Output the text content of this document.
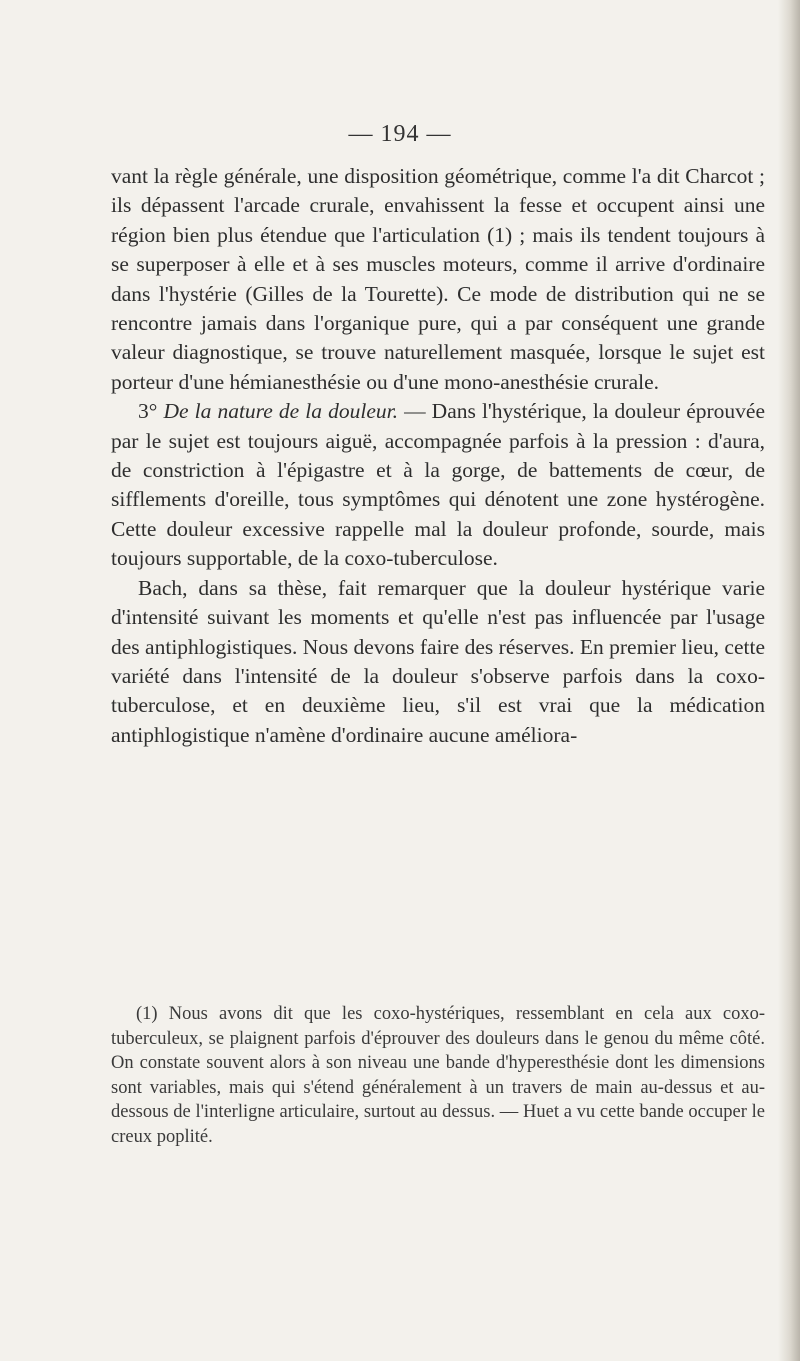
— 194 —

vant la règle générale, une disposition géométrique, comme l'a dit Charcot ; ils dépassent l'arcade crurale, envahissent la fesse et occupent ainsi une région bien plus étendue que l'articulation (1) ; mais ils tendent toujours à se superposer à elle et à ses muscles moteurs, comme il arrive d'ordinaire dans l'hystérie (Gilles de la Tourette). Ce mode de distribution qui ne se rencontre jamais dans l'organique pure, qui a par conséquent une grande valeur diagnostique, se trouve naturellement masquée, lorsque le sujet est porteur d'une hémianesthésie ou d'une mono-anesthésie crurale.

3° De la nature de la douleur. — Dans l'hystérique, la douleur éprouvée par le sujet est toujours aiguë, accompagnée parfois à la pression : d'aura, de constriction à l'épigastre et à la gorge, de battements de cœur, de sifflements d'oreille, tous symptômes qui dénotent une zone hystérogène. Cette douleur excessive rappelle mal la douleur profonde, sourde, mais toujours supportable, de la coxo-tuberculose.

Bach, dans sa thèse, fait remarquer que la douleur hystérique varie d'intensité suivant les moments et qu'elle n'est pas influencée par l'usage des antiphlogistiques. Nous devons faire des réserves. En premier lieu, cette variété dans l'intensité de la douleur s'observe parfois dans la coxo-tuberculose, et en deuxième lieu, s'il est vrai que la médication antiphlogistique n'amène d'ordinaire aucune améliora-

(1) Nous avons dit que les coxo-hystériques, ressemblant en cela aux coxo-tuberculeux, se plaignent parfois d'éprouver des douleurs dans le genou du même côté. On constate souvent alors à son niveau une bande d'hyperesthésie dont les dimensions sont variables, mais qui s'étend généralement à un travers de main au-dessus et au-dessous de l'interligne articulaire, surtout au dessus. — Huet a vu cette bande occuper le creux poplité.
